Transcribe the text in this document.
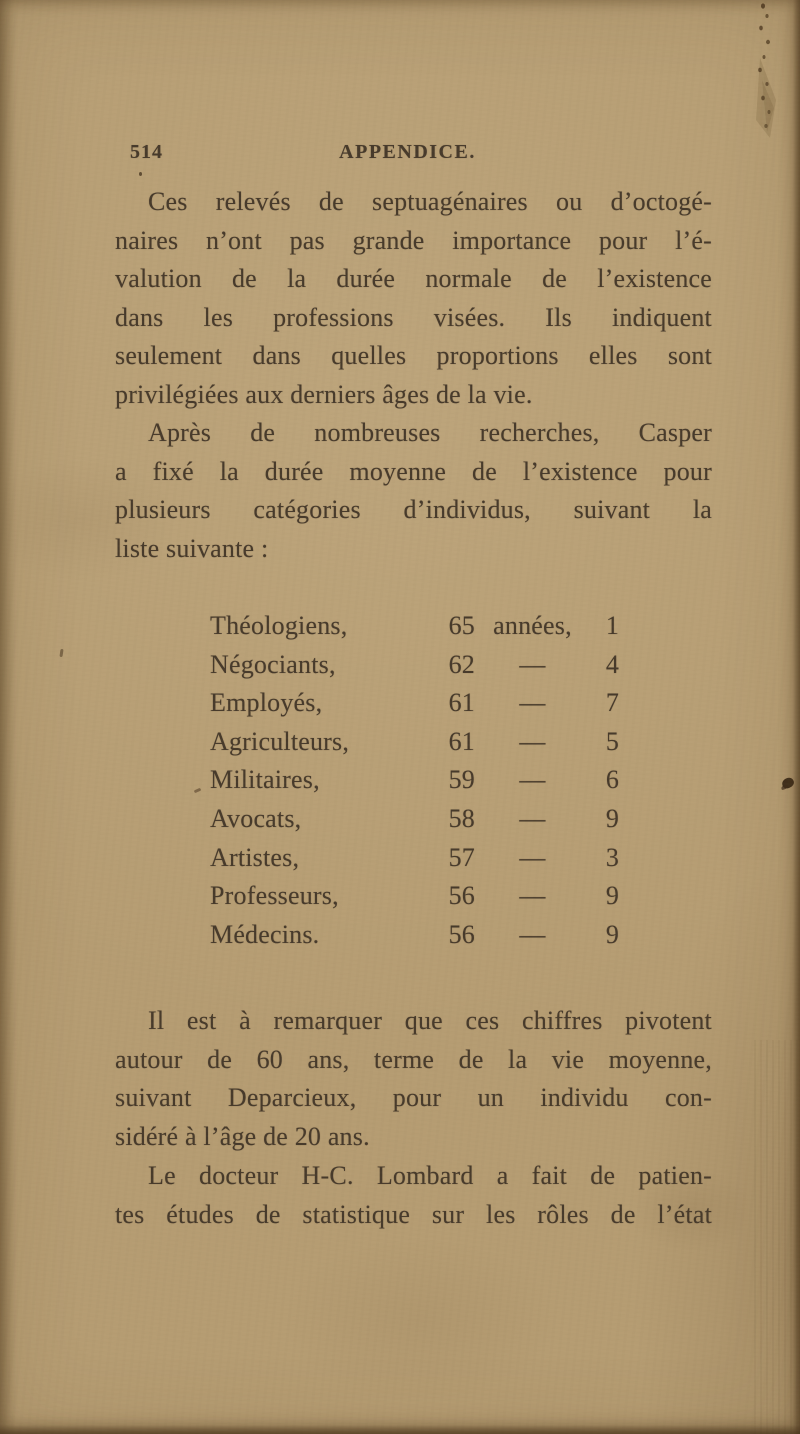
514	APPENDICE.
Ces relevés de septuagénaires ou d’octogé-
naires n’ont pas grande importance pour l’é-
valution de la durée normale de l’existence
dans les professions visées. Ils indiquent
seulement dans quelles proportions elles sont
privilégiées aux derniers âges de la vie.
Après de nombreuses recherches, Casper
a fixé la durée moyenne de l’existence pour
plusieurs catégories d’individus, suivant la
liste suivante :
Théologiens,	65 années,	1
Négociants,	62	—	4
Employés,	61	—	7
Agriculteurs,	61	—	5
Militaires,	59	—	6
Avocats,	58	—	9
Artistes,	57	—	3
Professeurs,	56	—	9
Médecins.	56	—	9
Il est à remarquer que ces chiffres pivotent
autour de 60 ans, terme de la vie moyenne,
suivant Deparcieux, pour un individu con-
sidéré à l’âge de 20 ans.
Le docteur H-C. Lombard a fait de patien-
tes études de statistique sur les rôles de l’état
